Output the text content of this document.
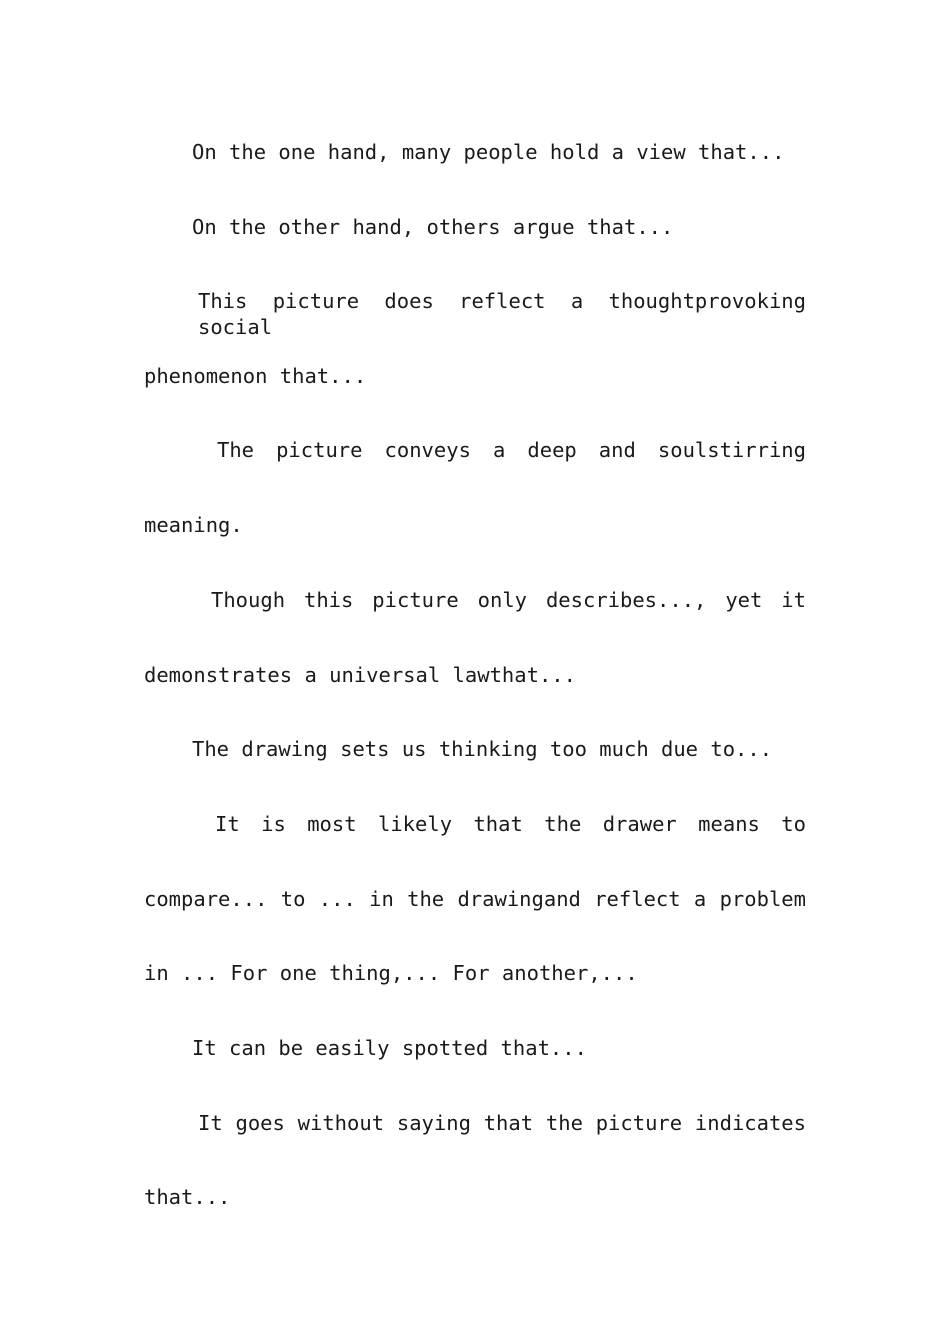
On the one hand, many people hold a view that...
On the other hand, others argue that...
This picture does reflect a thoughtprovoking social
phenomenon that...
The picture conveys a deep and soulstirring
meaning.
Though this picture only describes..., yet it
demonstrates a universal lawthat...
The drawing sets us thinking too much due to...
It is most likely that the drawer means to
compare... to ... in the drawingand reflect a problem
in ... For one thing,... For another,...
It can be easily spotted that...
It goes without saying that the picture indicates
that...
